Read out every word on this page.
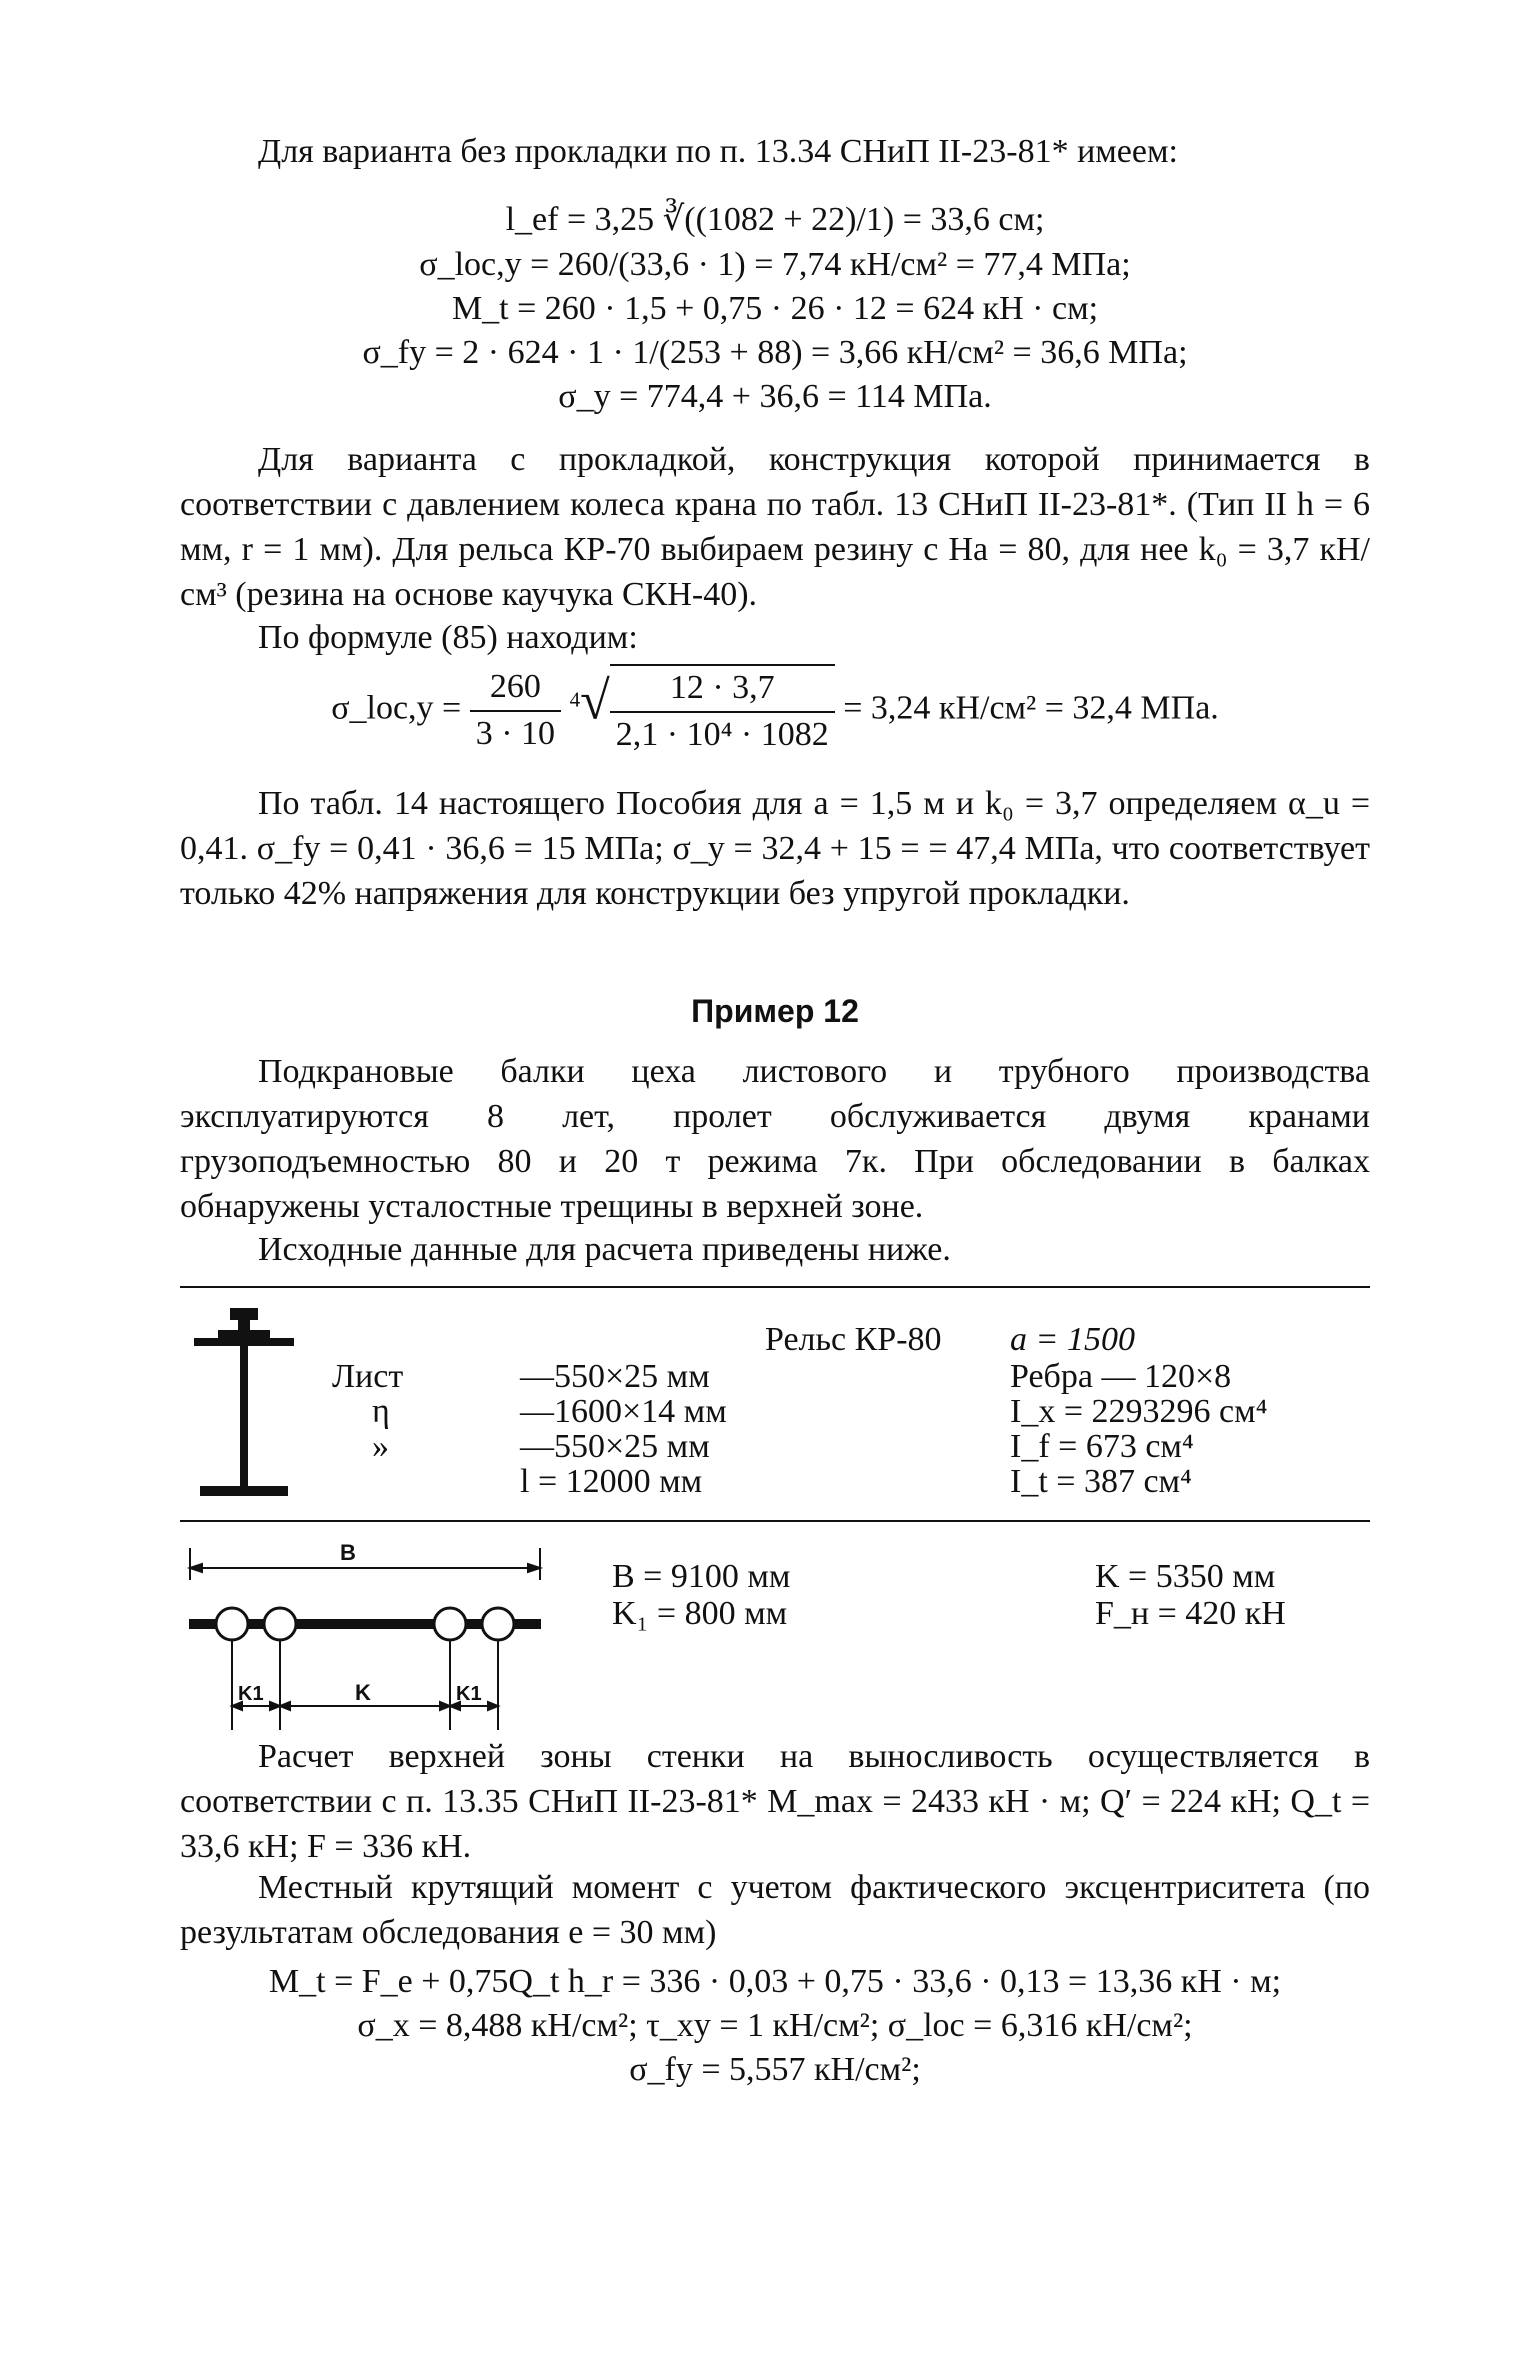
Для варианта без прокладки по п. 13.34 СНиП II-23-81* имеем:

l_ef = 3,25 ∛((1082 + 22)/1) = 33,6 см;

σ_loc,y = 260/(33,6 · 1) = 7,74 кН/см² = 77,4 МПа;

M_t = 260 · 1,5 + 0,75 · 26 · 12 = 624 кН · см;

σ_fy = 2 · 624 · 1 · 1/(253 + 88) = 3,66 кН/см² = 36,6 МПа;

σ_y = 774,4 + 36,6 = 114 МПа.

Для варианта с прокладкой, конструкция которой принимается в соответствии с давлением колеса крана по табл. 13 СНиП II-23-81*. (Тип II h = 6 мм, r = 1 мм). Для рельса КР-70 выбираем резину с На = 80, для нее k₀ = 3,7 кН/см³ (резина на основе каучука СКН-40).

По формуле (85) находим:

σ_loc,y = $\frac{260}{3 \cdot 10} ^4√ \frac{12 \cdot 3,7}{\text{2,1 · 10⁴ · 1082}} = 3,24$ кН/см² = 32,4 МПа.

По табл. 14 настоящего Пособия для a = 1,5 м и k₀ = 3,7 определяем α_u = 0,41. σ_fy = 0,41 · 36,6 = 15 МПа; σ_y = 32,4 + 15 = = 47,4 МПа, что соответствует только 42% напряжения для конструкции без упругой прокладки.

Пример 12

Подкрановые балки цеха листового и трубного производства эксплуатируются 8 лет, пролет обслуживается двумя кранами грузоподъемностью 80 и 20 т режима 7к. При обследовании в балках обнаружены усталостные трещины в верхней зоне.

Исходные данные для расчета приведены ниже.

Рельс КР-80 a = 1500
Лист
η
»
—550×25 мм
—1600×14 мм
—550×25 мм
l = 12000 мм
Ребра — 120×8
I_x = 2293296 см⁴
I_f = 673 см⁴
I_t = 387 см⁴
B
K1	K	K1
B = 9100 мм
K₁ = 800 мм
K = 5350 мм
F_н = 420 кН

Расчет верхней зоны стенки на выносливость осуществляется в соответствии с п. 13.35 СНиП II-23-81* M_max = 2433 кН · м; Q′ = 224 кН; Q_t = 33,6 кН; F = 336 кН.

Местный крутящий момент с учетом фактического эксцентриситета (по результатам обследования e = 30 мм)

M_t = F_e + 0,75Q_t h_r = 336 · 0,03 + 0,75 · 33,6 · 0,13 = 13,36 кН · м;

σ_x = 8,488 кН/см²; τ_xy = 1 кН/см²; σ_loc = 6,316 кН/см²;

σ_fy = 5,557 кН/см²;
